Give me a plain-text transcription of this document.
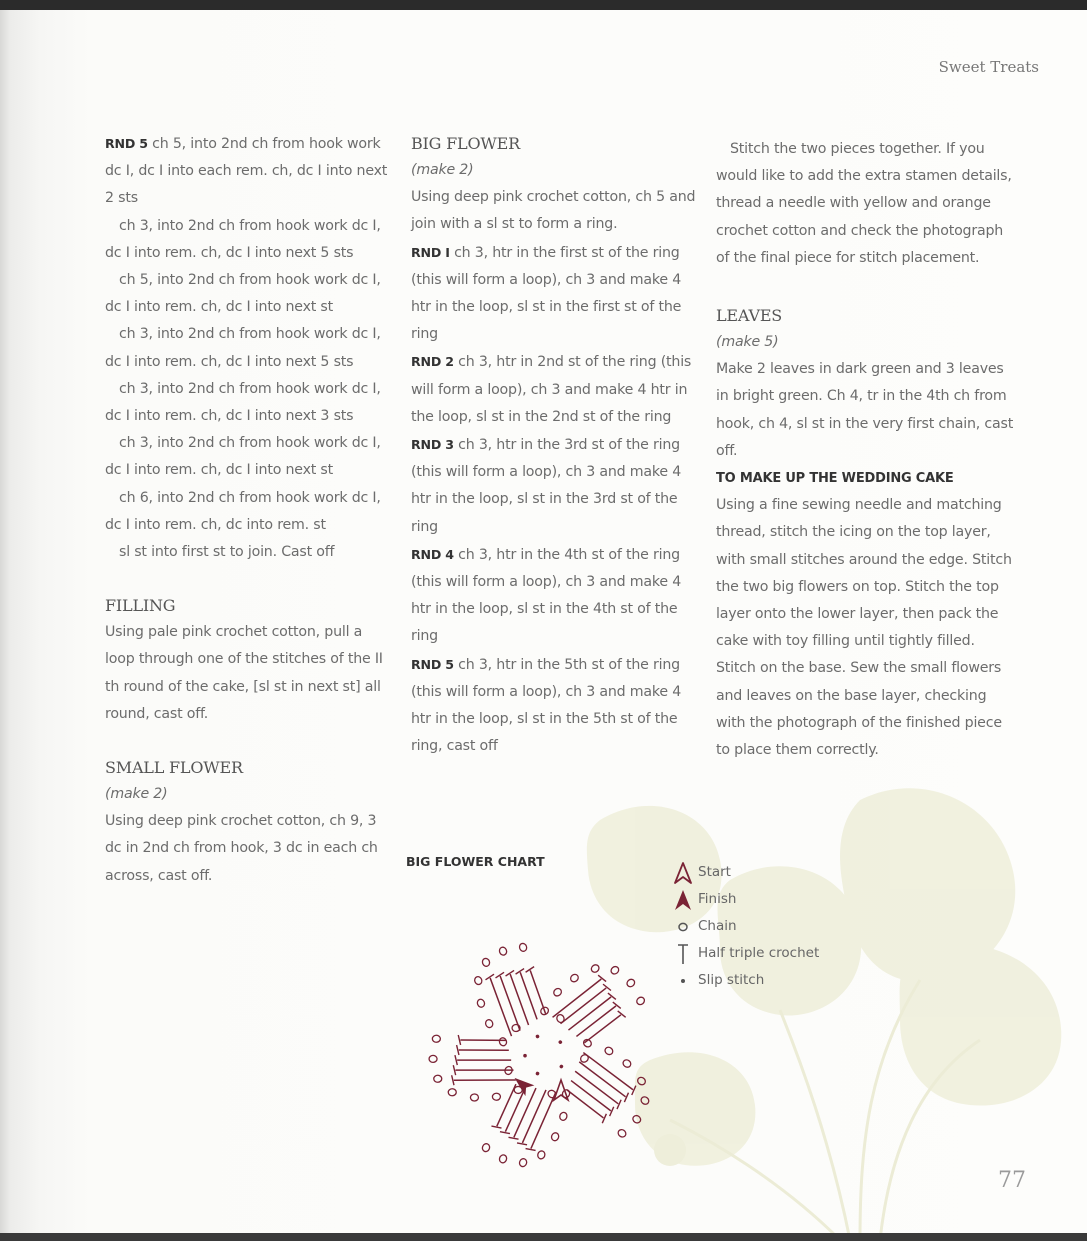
Sweet Treats

RND 5 ch 5, into 2nd ch from hook work dc I, dc I into each rem. ch, dc I into next 2 sts

ch 3, into 2nd ch from hook work dc I, dc I into rem. ch, dc I into next 5 sts

ch 5, into 2nd ch from hook work dc I, dc I into rem. ch, dc I into next st

ch 3, into 2nd ch from hook work dc I, dc I into rem. ch, dc I into next 5 sts

ch 3, into 2nd ch from hook work dc I, dc I into rem. ch, dc I into next 3 sts

ch 3, into 2nd ch from hook work dc I, dc I into rem. ch, dc I into next st

ch 6, into 2nd ch from hook work dc I, dc I into rem. ch, dc into rem. st

sl st into first st to join. Cast off

FILLING

Using pale pink crochet cotton, pull a loop through one of the stitches of the II th round of the cake, [sl st in next st] all round, cast off.

SMALL FLOWER

(make 2)

Using deep pink crochet cotton, ch 9, 3 dc in 2nd ch from hook, 3 dc in each ch across, cast off.

BIG FLOWER

(make 2)

Using deep pink crochet cotton, ch 5 and join with a sl st to form a ring.

RND I ch 3, htr in the first st of the ring (this will form a loop), ch 3 and make 4 htr in the loop, sl st in the first st of the ring

RND 2 ch 3, htr in 2nd st of the ring (this will form a loop), ch 3 and make 4 htr in the loop, sl st in the 2nd st of the ring

RND 3 ch 3, htr in the 3rd st of the ring (this will form a loop), ch 3 and make 4 htr in the loop, sl st in the 3rd st of the ring

RND 4 ch 3, htr in the 4th st of the ring (this will form a loop), ch 3 and make 4 htr in the loop, sl st in the 4th st of the ring

RND 5 ch 3, htr in the 5th st of the ring (this will form a loop), ch 3 and make 4 htr in the loop, sl st in the 5th st of the ring, cast off

Stitch the two pieces together. If you would like to add the extra stamen details, thread a needle with yellow and orange crochet cotton and check the photograph of the final piece for stitch placement.

LEAVES

(make 5)

Make 2 leaves in dark green and 3 leaves in bright green. Ch 4, tr in the 4th ch from hook, ch 4, sl st in the very first chain, cast off.

TO MAKE UP THE WEDDING CAKE

Using a fine sewing needle and matching thread, stitch the icing on the top layer, with small stitches around the edge. Stitch the two big flowers on top. Stitch the top layer onto the lower layer, then pack the cake with toy filling until tightly filled. Stitch on the base. Sew the small flowers and leaves on the base layer, checking with the photograph of the finished piece to place them correctly.

BIG FLOWER CHART
Start
Finish
Chain
Half triple crochet
Slip stitch
77
